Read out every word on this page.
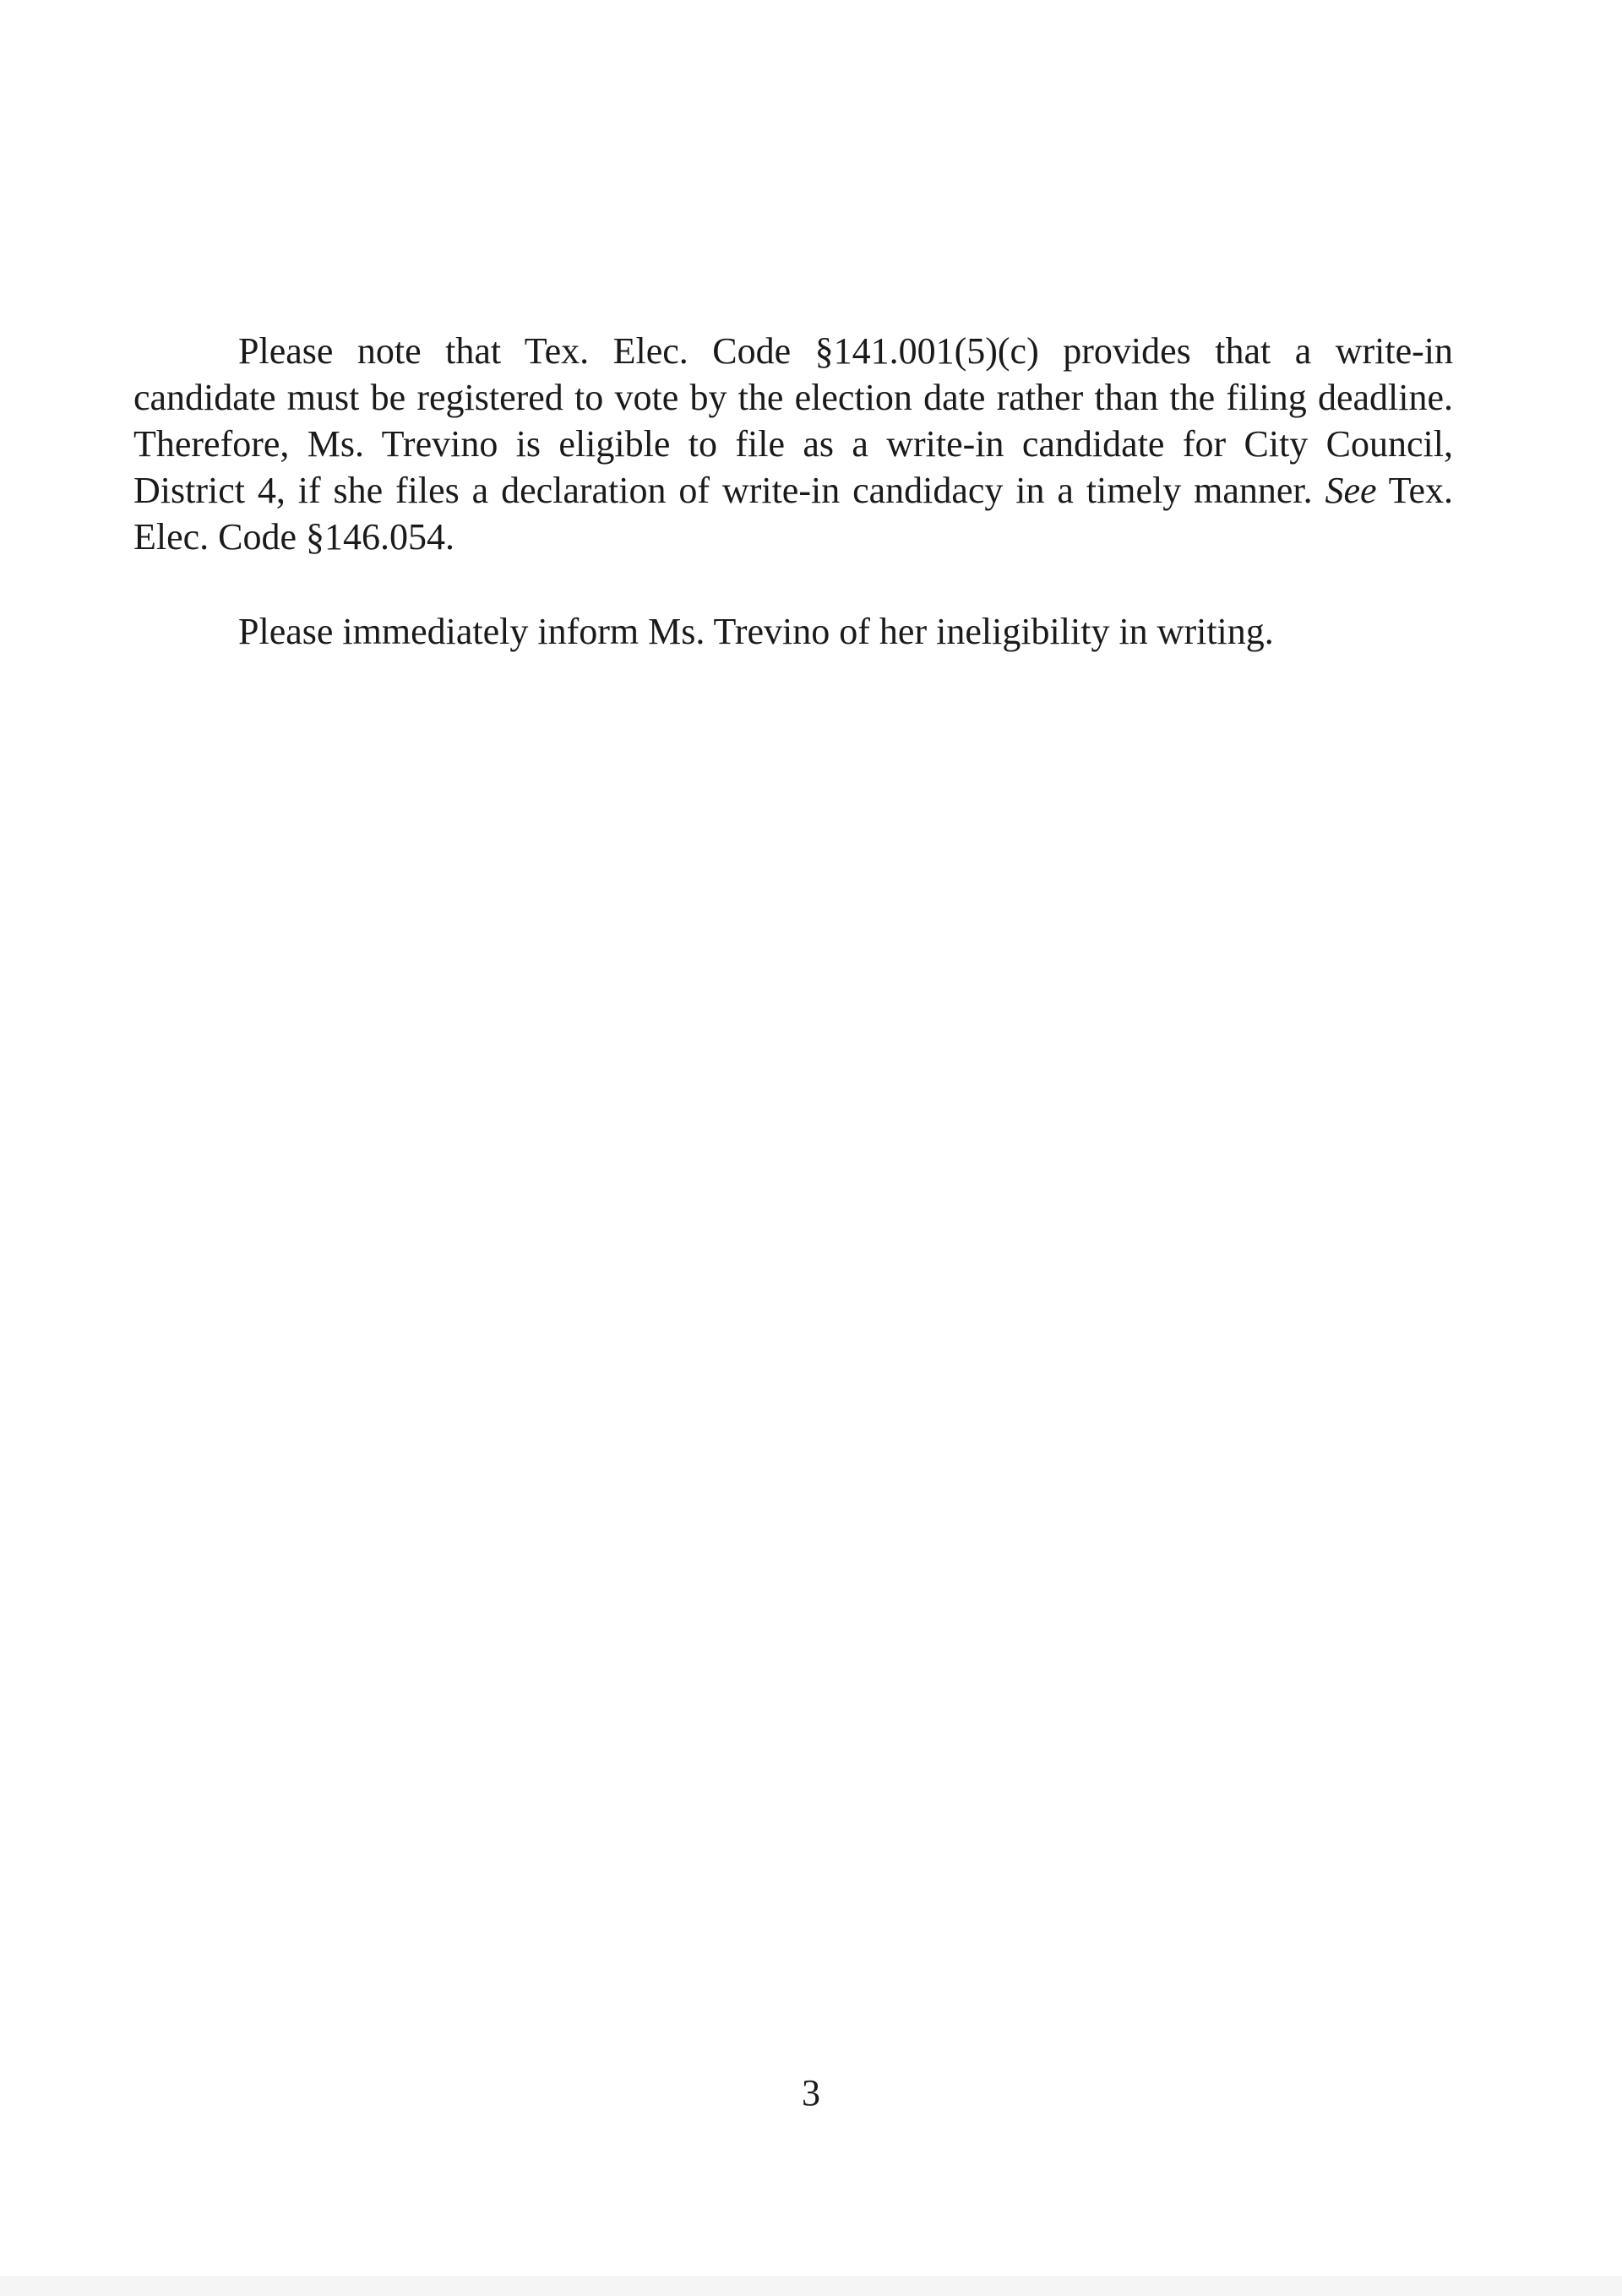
Please note that Tex. Elec. Code §141.001(5)(c) provides that a write-in candidate must be registered to vote by the election date rather than the filing deadline. Therefore, Ms. Trevino is eligible to file as a write-in candidate for City Council, District 4, if she files a declaration of write-in candidacy in a timely manner. See Tex. Elec. Code §146.054.

Please immediately inform Ms. Trevino of her ineligibility in writing.

3
